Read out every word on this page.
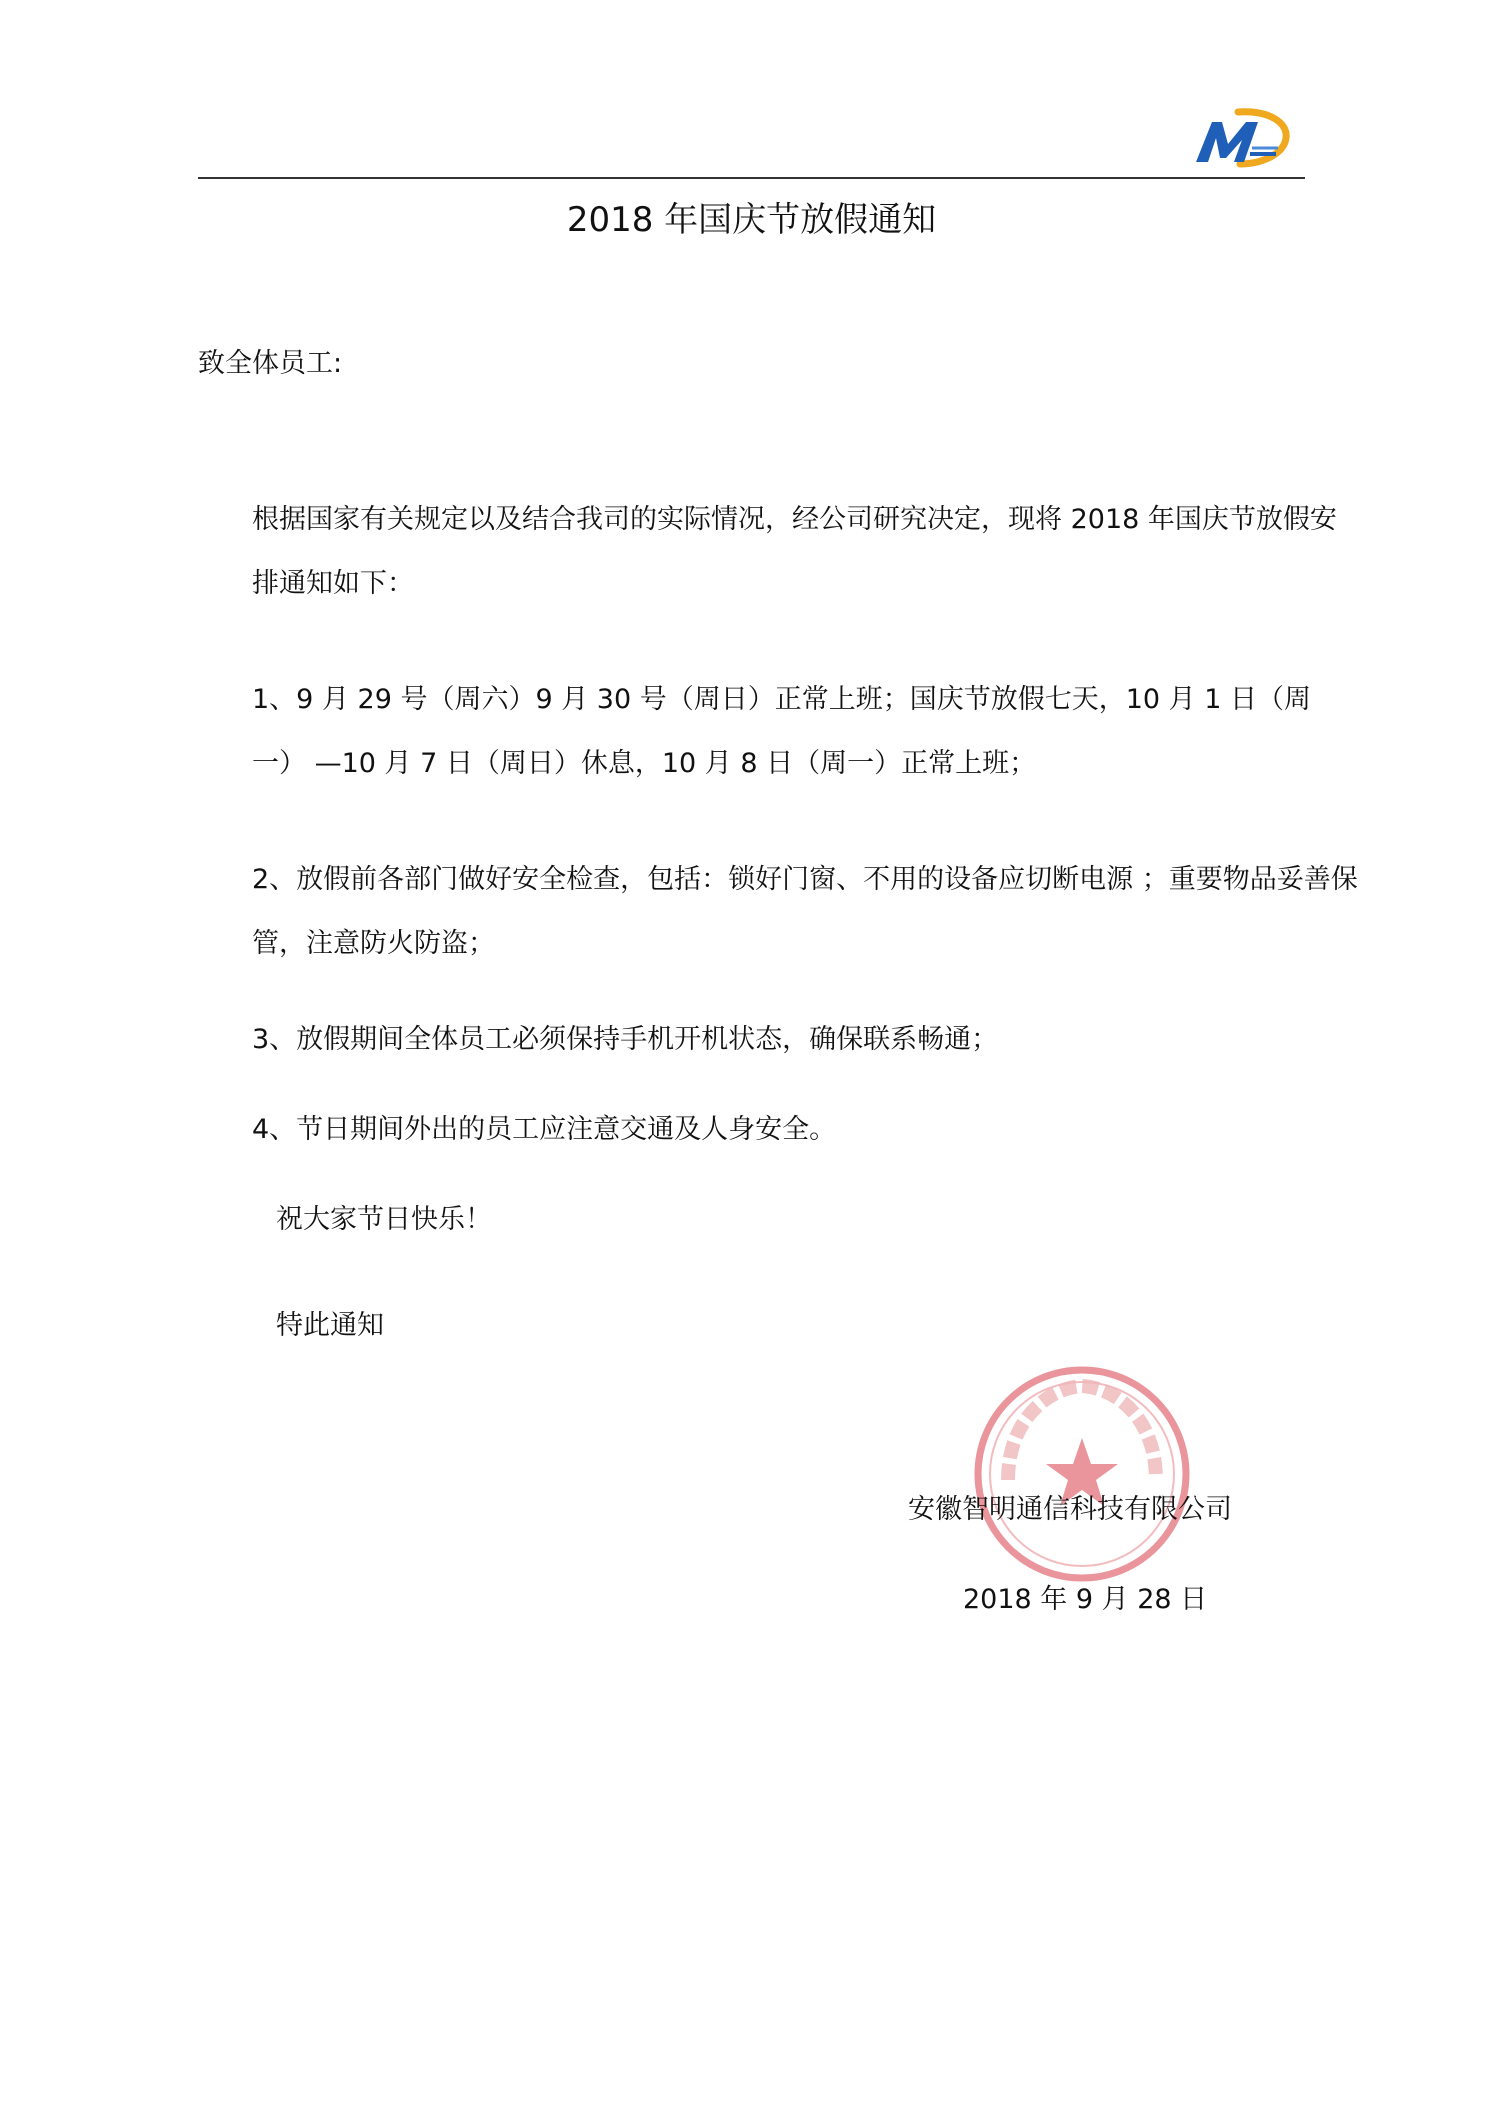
2018 年国庆节放假通知
致全体员工:
根据国家有关规定以及结合我司的实际情况，经公司研究决定，现将 2018 年国庆节放假安排通知如下：
1、9 月 29 号（周六）9 月 30 号（周日）正常上班；国庆节放假七天，10 月 1 日（周一） —10 月 7 日（周日）休息，10 月 8 日（周一）正常上班；
2、放假前各部门做好安全检查，包括：锁好门窗、不用的设备应切断电源 ；重要物品妥善保管，注意防火防盗；
3、放假期间全体员工必须保持手机开机状态，确保联系畅通；
4、节日期间外出的员工应注意交通及人身安全。
祝大家节日快乐！
特此通知
安徽智明通信科技有限公司
2018 年 9 月 28 日
